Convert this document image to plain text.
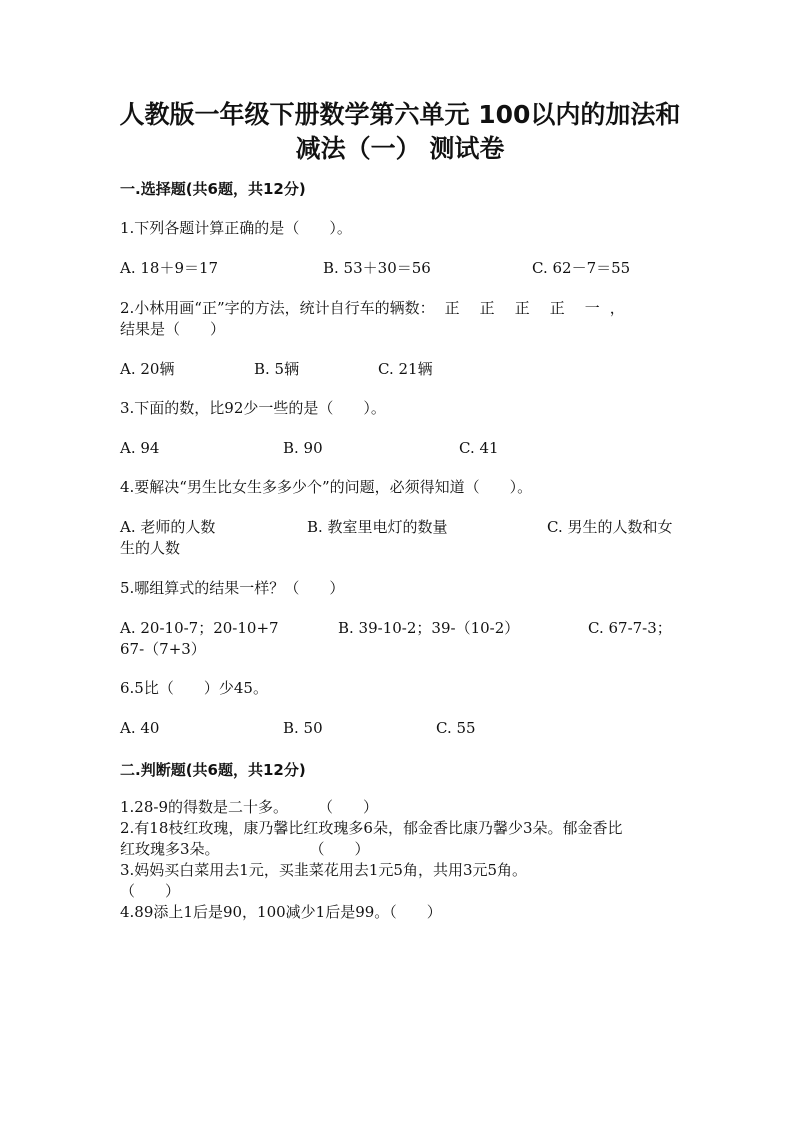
人教版一年级下册数学第六单元 100以内的加法和
减法（一） 测试卷
一.选择题(共6题，共12分)
1.下列各题计算正确的是（　　）。
A. 18＋9＝17	B. 53＋30＝56	C. 62－7＝55
2.小林用画“正”字的方法，统计自行车的辆数： 正 正 正 正 一 ，
结果是（　　）
A. 20辆	B. 5辆	C. 21辆
3.下面的数，比92少一些的是（　　）。
A. 94	B. 90	C. 41
4.要解决“男生比女生多多少个”的问题，必须得知道（　　）。
A. 老师的人数	B. 教室里电灯的数量	C. 男生的人数和女
生的人数
5.哪组算式的结果一样？（　　）
A. 20-10-7；20-10+7	B. 39-10-2；39-（10-2）	C. 67-7-3；
67-（7+3）
6.5比（　　）少45。
A. 40	B. 50	C. 55
二.判断题(共6题，共12分)
1.28-9的得数是二十多。　　　（　　）
2.有18枝红玫瑰，康乃馨比红玫瑰多6朵，郁金香比康乃馨少3朵。郁金香比
红玫瑰多3朵。　　　　　　　（　　）
3.妈妈买白菜用去1元，买韭菜花用去1元5角，共用3元5角。
（　　）
4.89添上1后是90，100减少1后是99。（　　）
